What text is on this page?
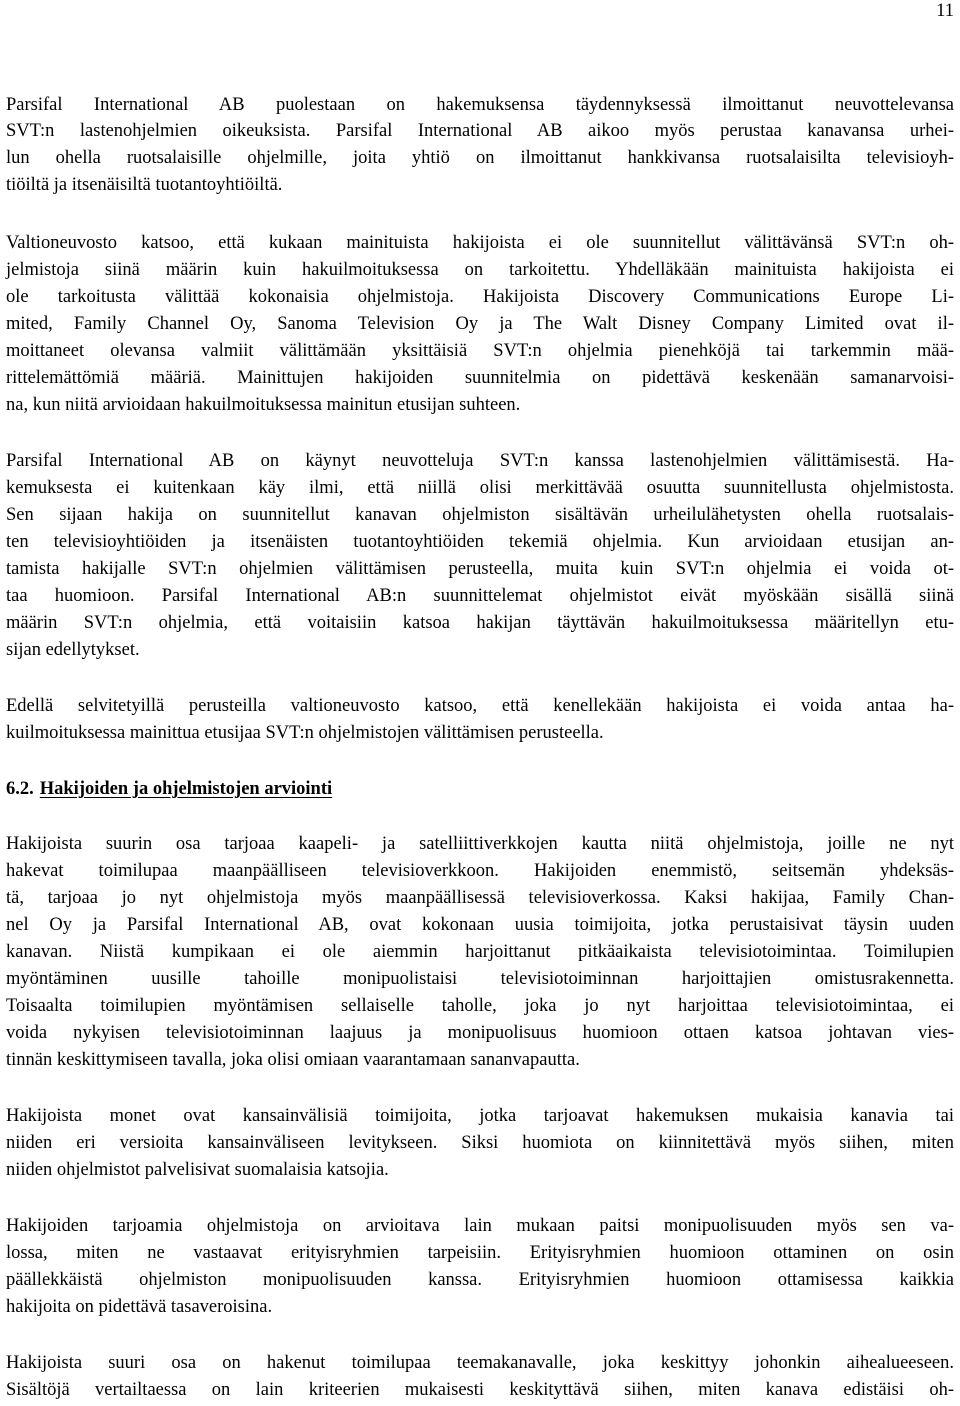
11
Parsifal International AB puolestaan on hakemuksensa täydennyksessä ilmoittanut neuvottelevansa
SVT:n lastenohjelmien oikeuksista. Parsifal International AB aikoo myös perustaa kanavansa urhei-
lun ohella ruotsalaisille ohjelmille, joita yhtiö on ilmoittanut hankkivansa ruotsalaisilta televisioyh-
tiöiltä ja itsenäisiltä tuotantoyhtiöiltä.
Valtioneuvosto katsoo, että kukaan mainituista hakijoista ei ole suunnitellut välittävänsä SVT:n oh-
jelmistoja siinä määrin kuin hakuilmoituksessa on tarkoitettu. Yhdelläkään mainituista hakijoista ei
ole tarkoitusta välittää kokonaisia ohjelmistoja. Hakijoista Discovery Communications Europe Li-
mited, Family Channel Oy, Sanoma Television Oy ja The Walt Disney Company Limited ovat il-
moittaneet olevansa valmiit välittämään yksittäisiä SVT:n ohjelmia pienehköjä tai tarkemmin mää-
rittelemättömiä määriä. Mainittujen hakijoiden suunnitelmia on pidettävä keskenään samanarvoisi-
na, kun niitä arvioidaan hakuilmoituksessa mainitun etusijan suhteen.
Parsifal International AB on käynyt neuvotteluja SVT:n kanssa lastenohjelmien välittämisestä. Ha-
kemuksesta ei kuitenkaan käy ilmi, että niillä olisi merkittävää osuutta suunnitellusta ohjelmistosta.
Sen sijaan hakija on suunnitellut kanavan ohjelmiston sisältävän urheilulähetysten ohella ruotsalais-
ten televisioyhtiöiden ja itsenäisten tuotantoyhtiöiden tekemiä ohjelmia. Kun arvioidaan etusijan an-
tamista hakijalle SVT:n ohjelmien välittämisen perusteella, muita kuin SVT:n ohjelmia ei voida ot-
taa huomioon. Parsifal International AB:n suunnittelemat ohjelmistot eivät myöskään sisällä siinä
määrin SVT:n ohjelmia, että voitaisiin katsoa hakijan täyttävän hakuilmoituksessa määritellyn etu-
sijan edellytykset.
Edellä selvitetyillä perusteilla valtioneuvosto katsoo, että kenellekään hakijoista ei voida antaa ha-
kuilmoituksessa mainittua etusijaa SVT:n ohjelmistojen välittämisen perusteella.
6.2. Hakijoiden ja ohjelmistojen arviointi
Hakijoista suurin osa tarjoaa kaapeli- ja satelliittiverkkojen kautta niitä ohjelmistoja, joille ne nyt
hakevat toimilupaa maanpäälliseen televisioverkkoon. Hakijoiden enemmistö, seitsemän yhdeksäs-
tä, tarjoaa jo nyt ohjelmistoja myös maanpäällisessä televisioverkossa. Kaksi hakijaa, Family Chan-
nel Oy ja Parsifal International AB, ovat kokonaan uusia toimijoita, jotka perustaisivat täysin uuden
kanavan. Niistä kumpikaan ei ole aiemmin harjoittanut pitkäaikaista televisiotoimintaa. Toimilupien
myöntäminen uusille tahoille monipuolistaisi televisiotoiminnan harjoittajien omistusrakennetta.
Toisaalta toimilupien myöntämisen sellaiselle taholle, joka jo nyt harjoittaa televisiotoimintaa, ei
voida nykyisen televisiotoiminnan laajuus ja monipuolisuus huomioon ottaen katsoa johtavan vies-
tinnän keskittymiseen tavalla, joka olisi omiaan vaarantamaan sananvapautta.
Hakijoista monet ovat kansainvälisiä toimijoita, jotka tarjoavat hakemuksen mukaisia kanavia tai
niiden eri versioita kansainväliseen levitykseen. Siksi huomiota on kiinnitettävä myös siihen, miten
niiden ohjelmistot palvelisivat suomalaisia katsojia.
Hakijoiden tarjoamia ohjelmistoja on arvioitava lain mukaan paitsi monipuolisuuden myös sen va-
lossa, miten ne vastaavat erityisryhmien tarpeisiin. Erityisryhmien huomioon ottaminen on osin
päällekkäistä ohjelmiston monipuolisuuden kanssa. Erityisryhmien huomioon ottamisessa kaikkia
hakijoita on pidettävä tasaveroisina.
Hakijoista suuri osa on hakenut toimilupaa teemakanavalle, joka keskittyy johonkin aihealueeseen.
Sisältöjä vertailtaessa on lain kriteerien mukaisesti keskityttävä siihen, miten kanava edistäisi oh-
